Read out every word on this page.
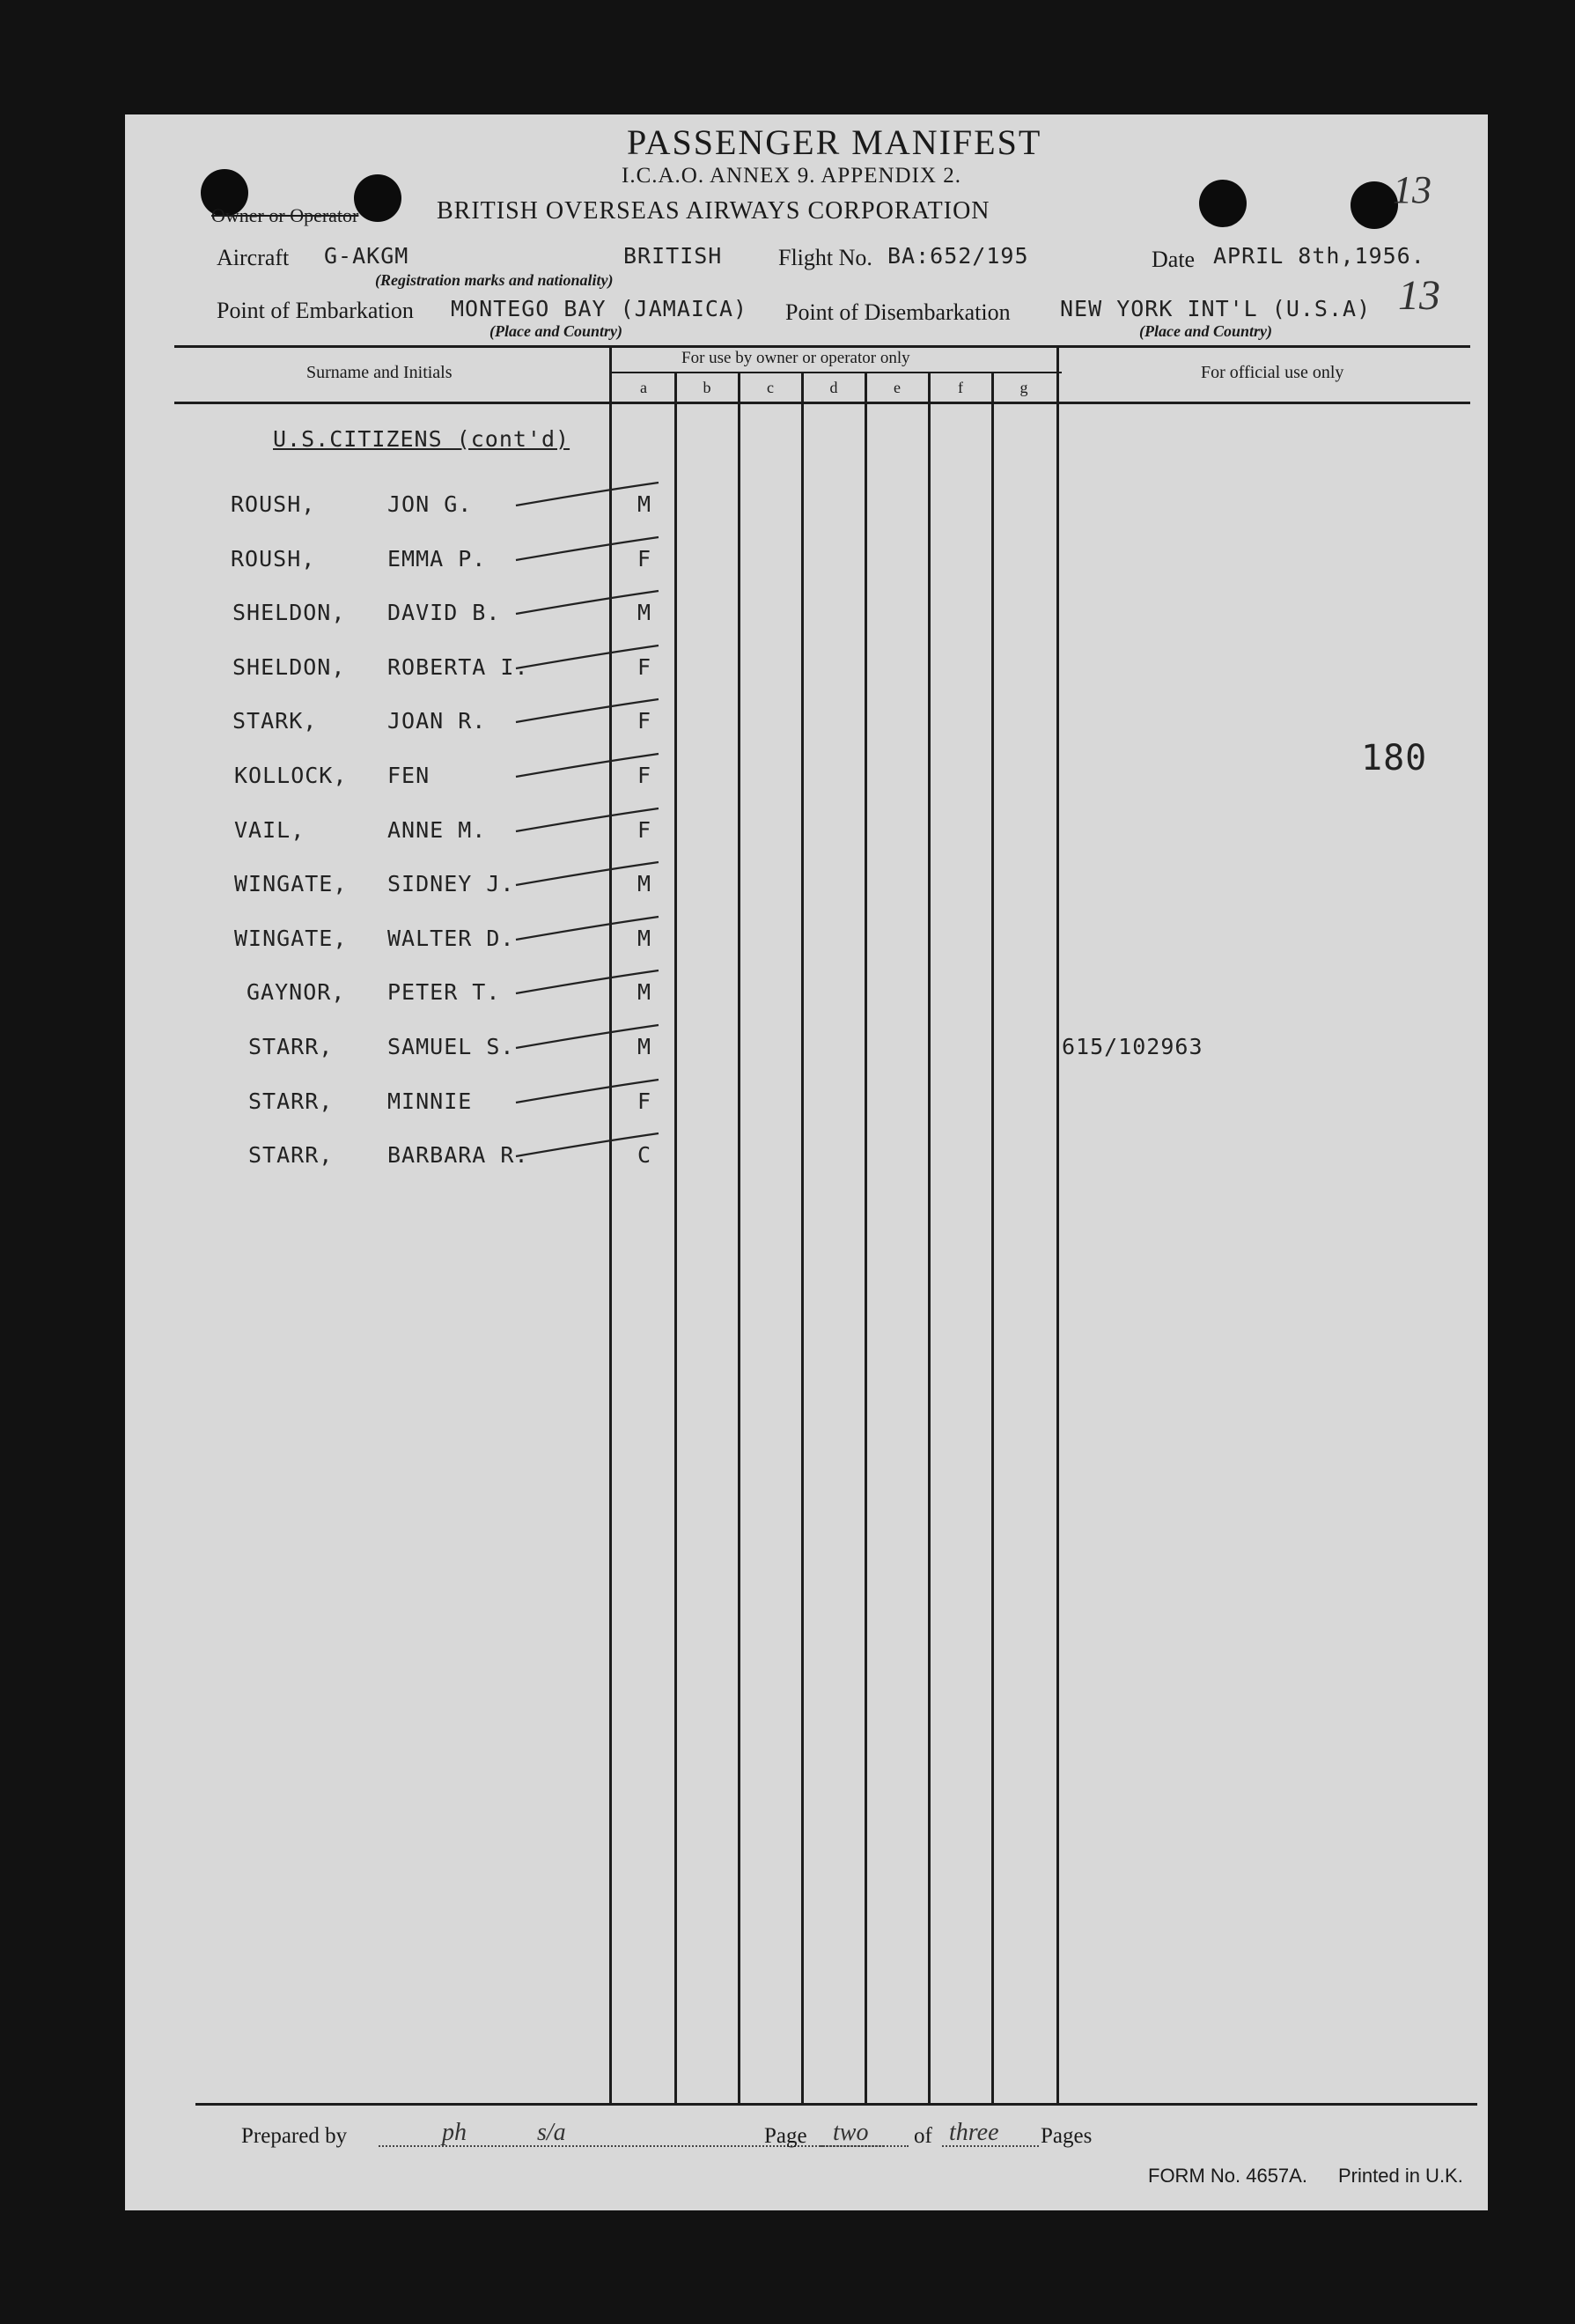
PASSENGER MANIFEST
I.C.A.O. ANNEX 9. APPENDIX 2.	13
Owner or Operator	BRITISH OVERSEAS AIRWAYS CORPORATION
Aircraft G-AKGM	BRITISH
(Registration marks and nationality)
Flight No. BA:652/195	Date APRIL 8th,1956.
Point of Embarkation MONTEGO BAY (JAMAICA)
(Place and Country)
Point of Disembarkation NEW YORK INT'L (U.S.A)
(Place and Country)
13
Surname and Initials
For use by owner or operator only
For official use only
a	b	c	d	e	f	g
U.S.CITIZENS (cont'd)
ROUSH,	JON G.	M
ROUSH,	EMMA P.	F
SHELDON, DAVID B.	M
SHELDON, ROBERTA I.	F
STARK,	JOAN R.	F
KOLLOCK, FEN	F
VAIL,	ANNE M.	F
WINGATE, SIDNEY J.	M
WINGATE, WALTER D.	M
GAYNOR, PETER T.	M
STARR, SAMUEL S.	M	615/102963
STARR, MINNIE	F
STARR, BARBARA R.	C
180
Prepared by	ph	s/a	Page two of three Pages
FORM No. 4657A. Printed in U.K.
